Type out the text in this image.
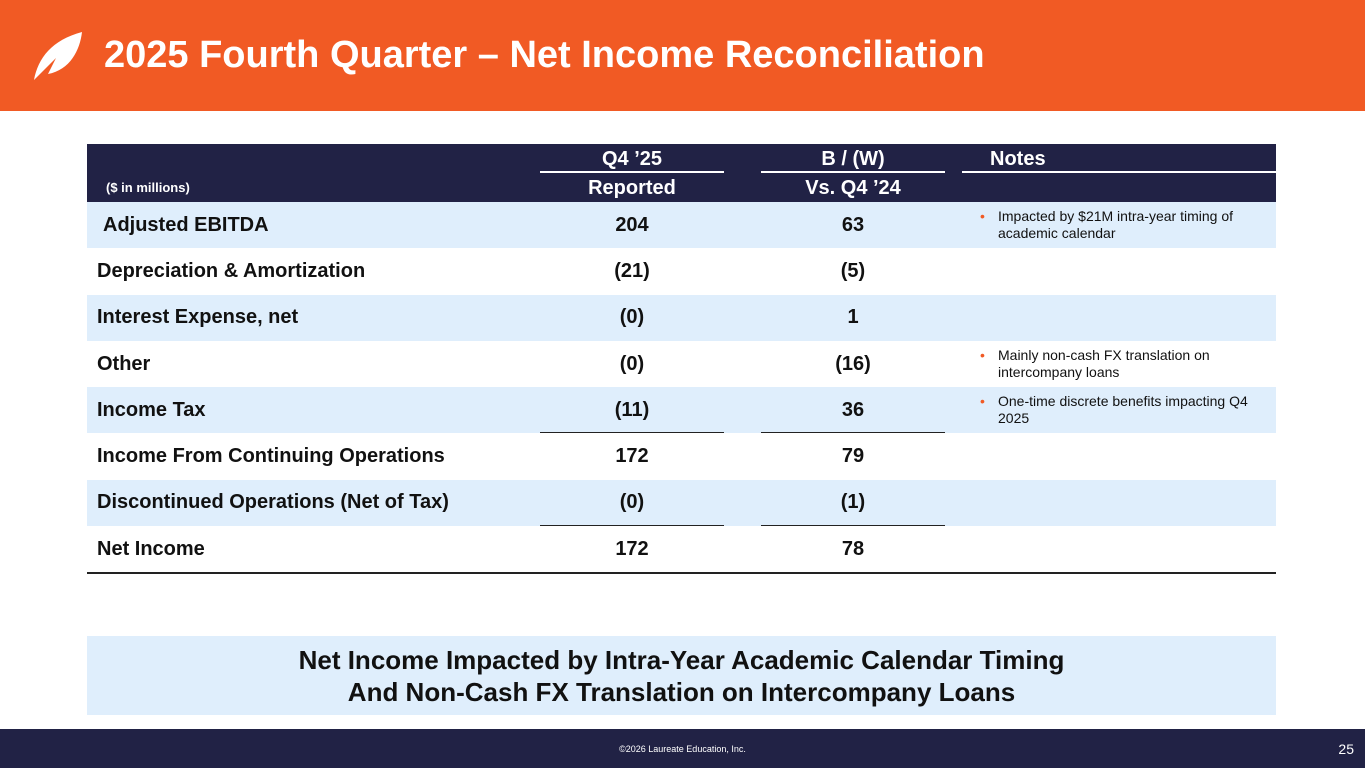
2025 Fourth Quarter – Net Income Reconciliation
Q4 ’25	B / (W)	Notes
($ in millions)	Reported	Vs. Q4 ’24
Adjusted EBITDA	204	63	• Impacted by $21M intra-year timing of academic calendar
Depreciation & Amortization	(21)	(5)
Interest Expense, net	(0)	1
Other	(0)	(16)	• Mainly non-cash FX translation on intercompany loans
Income Tax	(11)	36	• One-time discrete benefits impacting Q4 2025
Income From Continuing Operations	172	79
Discontinued Operations (Net of Tax)	(0)	(1)
Net Income	172	78
Net Income Impacted by Intra-Year Academic Calendar Timing
And Non-Cash FX Translation on Intercompany Loans
©2026 Laureate Education, Inc.	25
